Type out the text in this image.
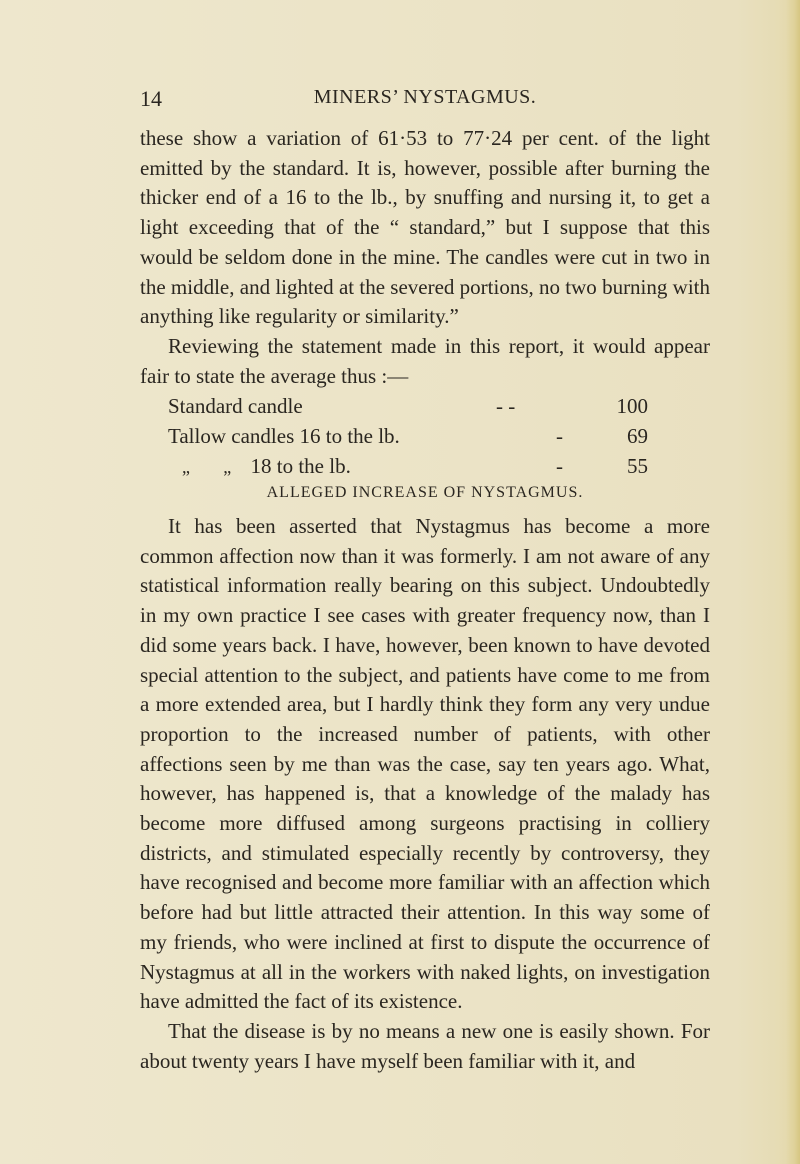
14	MINERS’ NYSTAGMUS.

these show a variation of 61·53 to 77·24 per cent. of the light emitted by the standard. It is, however, possible after burning the thicker end of a 16 to the lb., by snuffing and nursing it, to get a light exceeding that of the “ standard,” but I suppose that this would be seldom done in the mine. The candles were cut in two in the middle, and lighted at the severed portions, no two burning with anything like regularity or similarity.”

Reviewing the statement made in this report, it would appear fair to state the average thus :—

Standard candle	- -	100
Tallow candles 16 to the lb.	-	69
„ „ 18 to the lb.	-	55
ALLEGED INCREASE OF NYSTAGMUS.

It has been asserted that Nystagmus has become a more common affection now than it was formerly. I am not aware of any statistical information really bearing on this subject. Undoubtedly in my own practice I see cases with greater frequency now, than I did some years back. I have, however, been known to have devoted special attention to the subject, and patients have come to me from a more extended area, but I hardly think they form any very undue proportion to the increased number of patients, with other affections seen by me than was the case, say ten years ago. What, however, has happened is, that a knowledge of the malady has become more diffused among surgeons practising in colliery districts, and stimulated especially recently by controversy, they have recognised and become more familiar with an affection which before had but little attracted their attention. In this way some of my friends, who were inclined at first to dispute the occurrence of Nystagmus at all in the workers with naked lights, on investigation have admitted the fact of its existence.

That the disease is by no means a new one is easily shown. For about twenty years I have myself been familiar with it, and
